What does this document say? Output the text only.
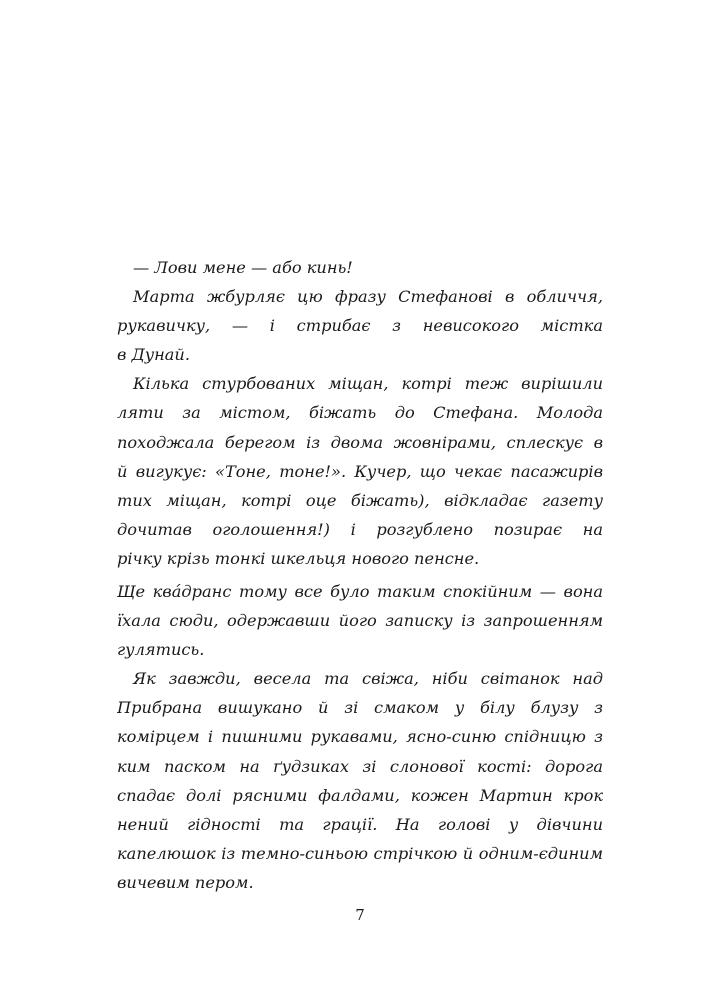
— Лови мене — або кинь!
Марта жбурляє цю фразу Стефанові в обличчя,
рукавичку, — і стрибає з невисокого містка
в Дунай.
Кілька стурбованих міщан, котрі теж вирішили
ляти за містом, біжать до Стефана. Молода
походжала берегом із двома жовнірами, сплескує в
й вигукує: «Тоне, тоне!». Кучер, що чекає пасажирів
тих міщан, котрі оце біжать), відкладає газету
дочитав оголошення!) і розгублено позирає на
річку крізь тонкі шкельця нового пенсне.
Ще квáдранс тому все було таким спокійним — вона
їхала сюди, одержавши його записку із запрошенням
гулятись.
Як завжди, весела та свіжа, ніби світанок над
Прибрана вишукано й зі смаком у білу блузу з
комірцем і пишними рукавами, ясно-синю спідницю з
ким паском на ґудзиках зі слонової кості: дорога
спадає долі рясними фалдами, кожен Мартин крок
нений гідності та грації. На голові у дівчини
капелюшок із темно-синьою стрічкою й одним-єдиним
вичевим пером.
7
